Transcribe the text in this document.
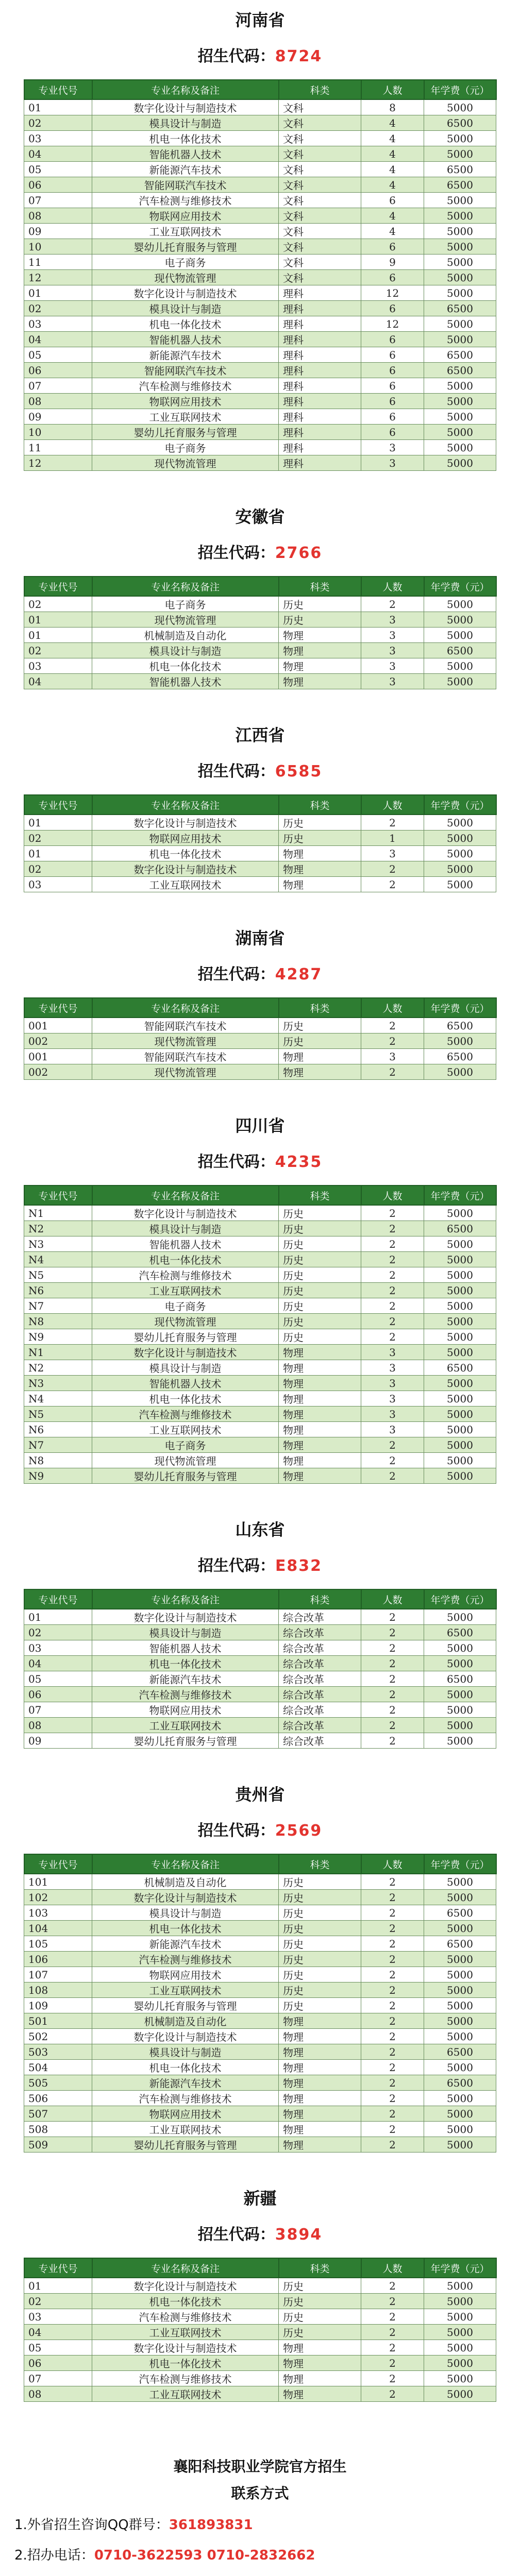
河南省
招生代码：8724
专业代号	专业名称及备注	科类	人数	年学费（元）
01	数字化设计与制造技术	文科	8	5000
02	模具设计与制造	文科	4	6500
03	机电一体化技术	文科	4	5000
04	智能机器人技术	文科	4	5000
05	新能源汽车技术	文科	4	6500
06	智能网联汽车技术	文科	4	6500
07	汽车检测与维修技术	文科	6	5000
08	物联网应用技术	文科	4	5000
09	工业互联网技术	文科	4	5000
10	婴幼儿托育服务与管理	文科	6	5000
11	电子商务	文科	9	5000
12	现代物流管理	文科	6	5000
01	数字化设计与制造技术	理科	12	5000
02	模具设计与制造	理科	6	6500
03	机电一体化技术	理科	12	5000
04	智能机器人技术	理科	6	5000
05	新能源汽车技术	理科	6	6500
06	智能网联汽车技术	理科	6	6500
07	汽车检测与维修技术	理科	6	5000
08	物联网应用技术	理科	6	5000
09	工业互联网技术	理科	6	5000
10	婴幼儿托育服务与管理	理科	6	5000
11	电子商务	理科	3	5000
12	现代物流管理	理科	3	5000
安徽省
招生代码：2766
专业代号	专业名称及备注	科类	人数	年学费（元）
02	电子商务	历史	2	5000
01	现代物流管理	历史	3	5000
01	机械制造及自动化	物理	3	5000
02	模具设计与制造	物理	3	6500
03	机电一体化技术	物理	3	5000
04	智能机器人技术	物理	3	5000
江西省
招生代码：6585
专业代号	专业名称及备注	科类	人数	年学费（元）
01	数字化设计与制造技术	历史	2	5000
02	物联网应用技术	历史	1	5000
01	机电一体化技术	物理	3	5000
02	数字化设计与制造技术	物理	2	5000
03	工业互联网技术	物理	2	5000
湖南省
招生代码：4287
专业代号	专业名称及备注	科类	人数	年学费（元）
001	智能网联汽车技术	历史	2	6500
002	现代物流管理	历史	2	5000
001	智能网联汽车技术	物理	3	6500
002	现代物流管理	物理	2	5000
四川省
招生代码：4235
专业代号	专业名称及备注	科类	人数	年学费（元）
N1	数字化设计与制造技术	历史	2	5000
N2	模具设计与制造	历史	2	6500
N3	智能机器人技术	历史	2	5000
N4	机电一体化技术	历史	2	5000
N5	汽车检测与维修技术	历史	2	5000
N6	工业互联网技术	历史	2	5000
N7	电子商务	历史	2	5000
N8	现代物流管理	历史	2	5000
N9	婴幼儿托育服务与管理	历史	2	5000
N1	数字化设计与制造技术	物理	3	5000
N2	模具设计与制造	物理	3	6500
N3	智能机器人技术	物理	3	5000
N4	机电一体化技术	物理	3	5000
N5	汽车检测与维修技术	物理	3	5000
N6	工业互联网技术	物理	3	5000
N7	电子商务	物理	2	5000
N8	现代物流管理	物理	2	5000
N9	婴幼儿托育服务与管理	物理	2	5000
山东省
招生代码：E832
专业代号	专业名称及备注	科类	人数	年学费（元）
01	数字化设计与制造技术	综合改革	2	5000
02	模具设计与制造	综合改革	2	6500
03	智能机器人技术	综合改革	2	5000
04	机电一体化技术	综合改革	2	5000
05	新能源汽车技术	综合改革	2	6500
06	汽车检测与维修技术	综合改革	2	5000
07	物联网应用技术	综合改革	2	5000
08	工业互联网技术	综合改革	2	5000
09	婴幼儿托育服务与管理	综合改革	2	5000
贵州省
招生代码：2569
专业代号	专业名称及备注	科类	人数	年学费（元）
101	机械制造及自动化	历史	2	5000
102	数字化设计与制造技术	历史	2	5000
103	模具设计与制造	历史	2	6500
104	机电一体化技术	历史	2	5000
105	新能源汽车技术	历史	2	6500
106	汽车检测与维修技术	历史	2	5000
107	物联网应用技术	历史	2	5000
108	工业互联网技术	历史	2	5000
109	婴幼儿托育服务与管理	历史	2	5000
501	机械制造及自动化	物理	2	5000
502	数字化设计与制造技术	物理	2	5000
503	模具设计与制造	物理	2	6500
504	机电一体化技术	物理	2	5000
505	新能源汽车技术	物理	2	6500
506	汽车检测与维修技术	物理	2	5000
507	物联网应用技术	物理	2	5000
508	工业互联网技术	物理	2	5000
509	婴幼儿托育服务与管理	物理	2	5000
新疆
招生代码：3894
专业代号	专业名称及备注	科类	人数	年学费（元）
01	数字化设计与制造技术	历史	2	5000
02	机电一体化技术	历史	2	5000
03	汽车检测与维修技术	历史	2	5000
04	工业互联网技术	历史	2	5000
05	数字化设计与制造技术	物理	2	5000
06	机电一体化技术	物理	2	5000
07	汽车检测与维修技术	物理	2	5000
08	工业互联网技术	物理	2	5000
襄阳科技职业学院官方招生
联系方式
1.外省招生咨询QQ群号：361893831
2.招办电话：0710-3622593 0710-2832662
